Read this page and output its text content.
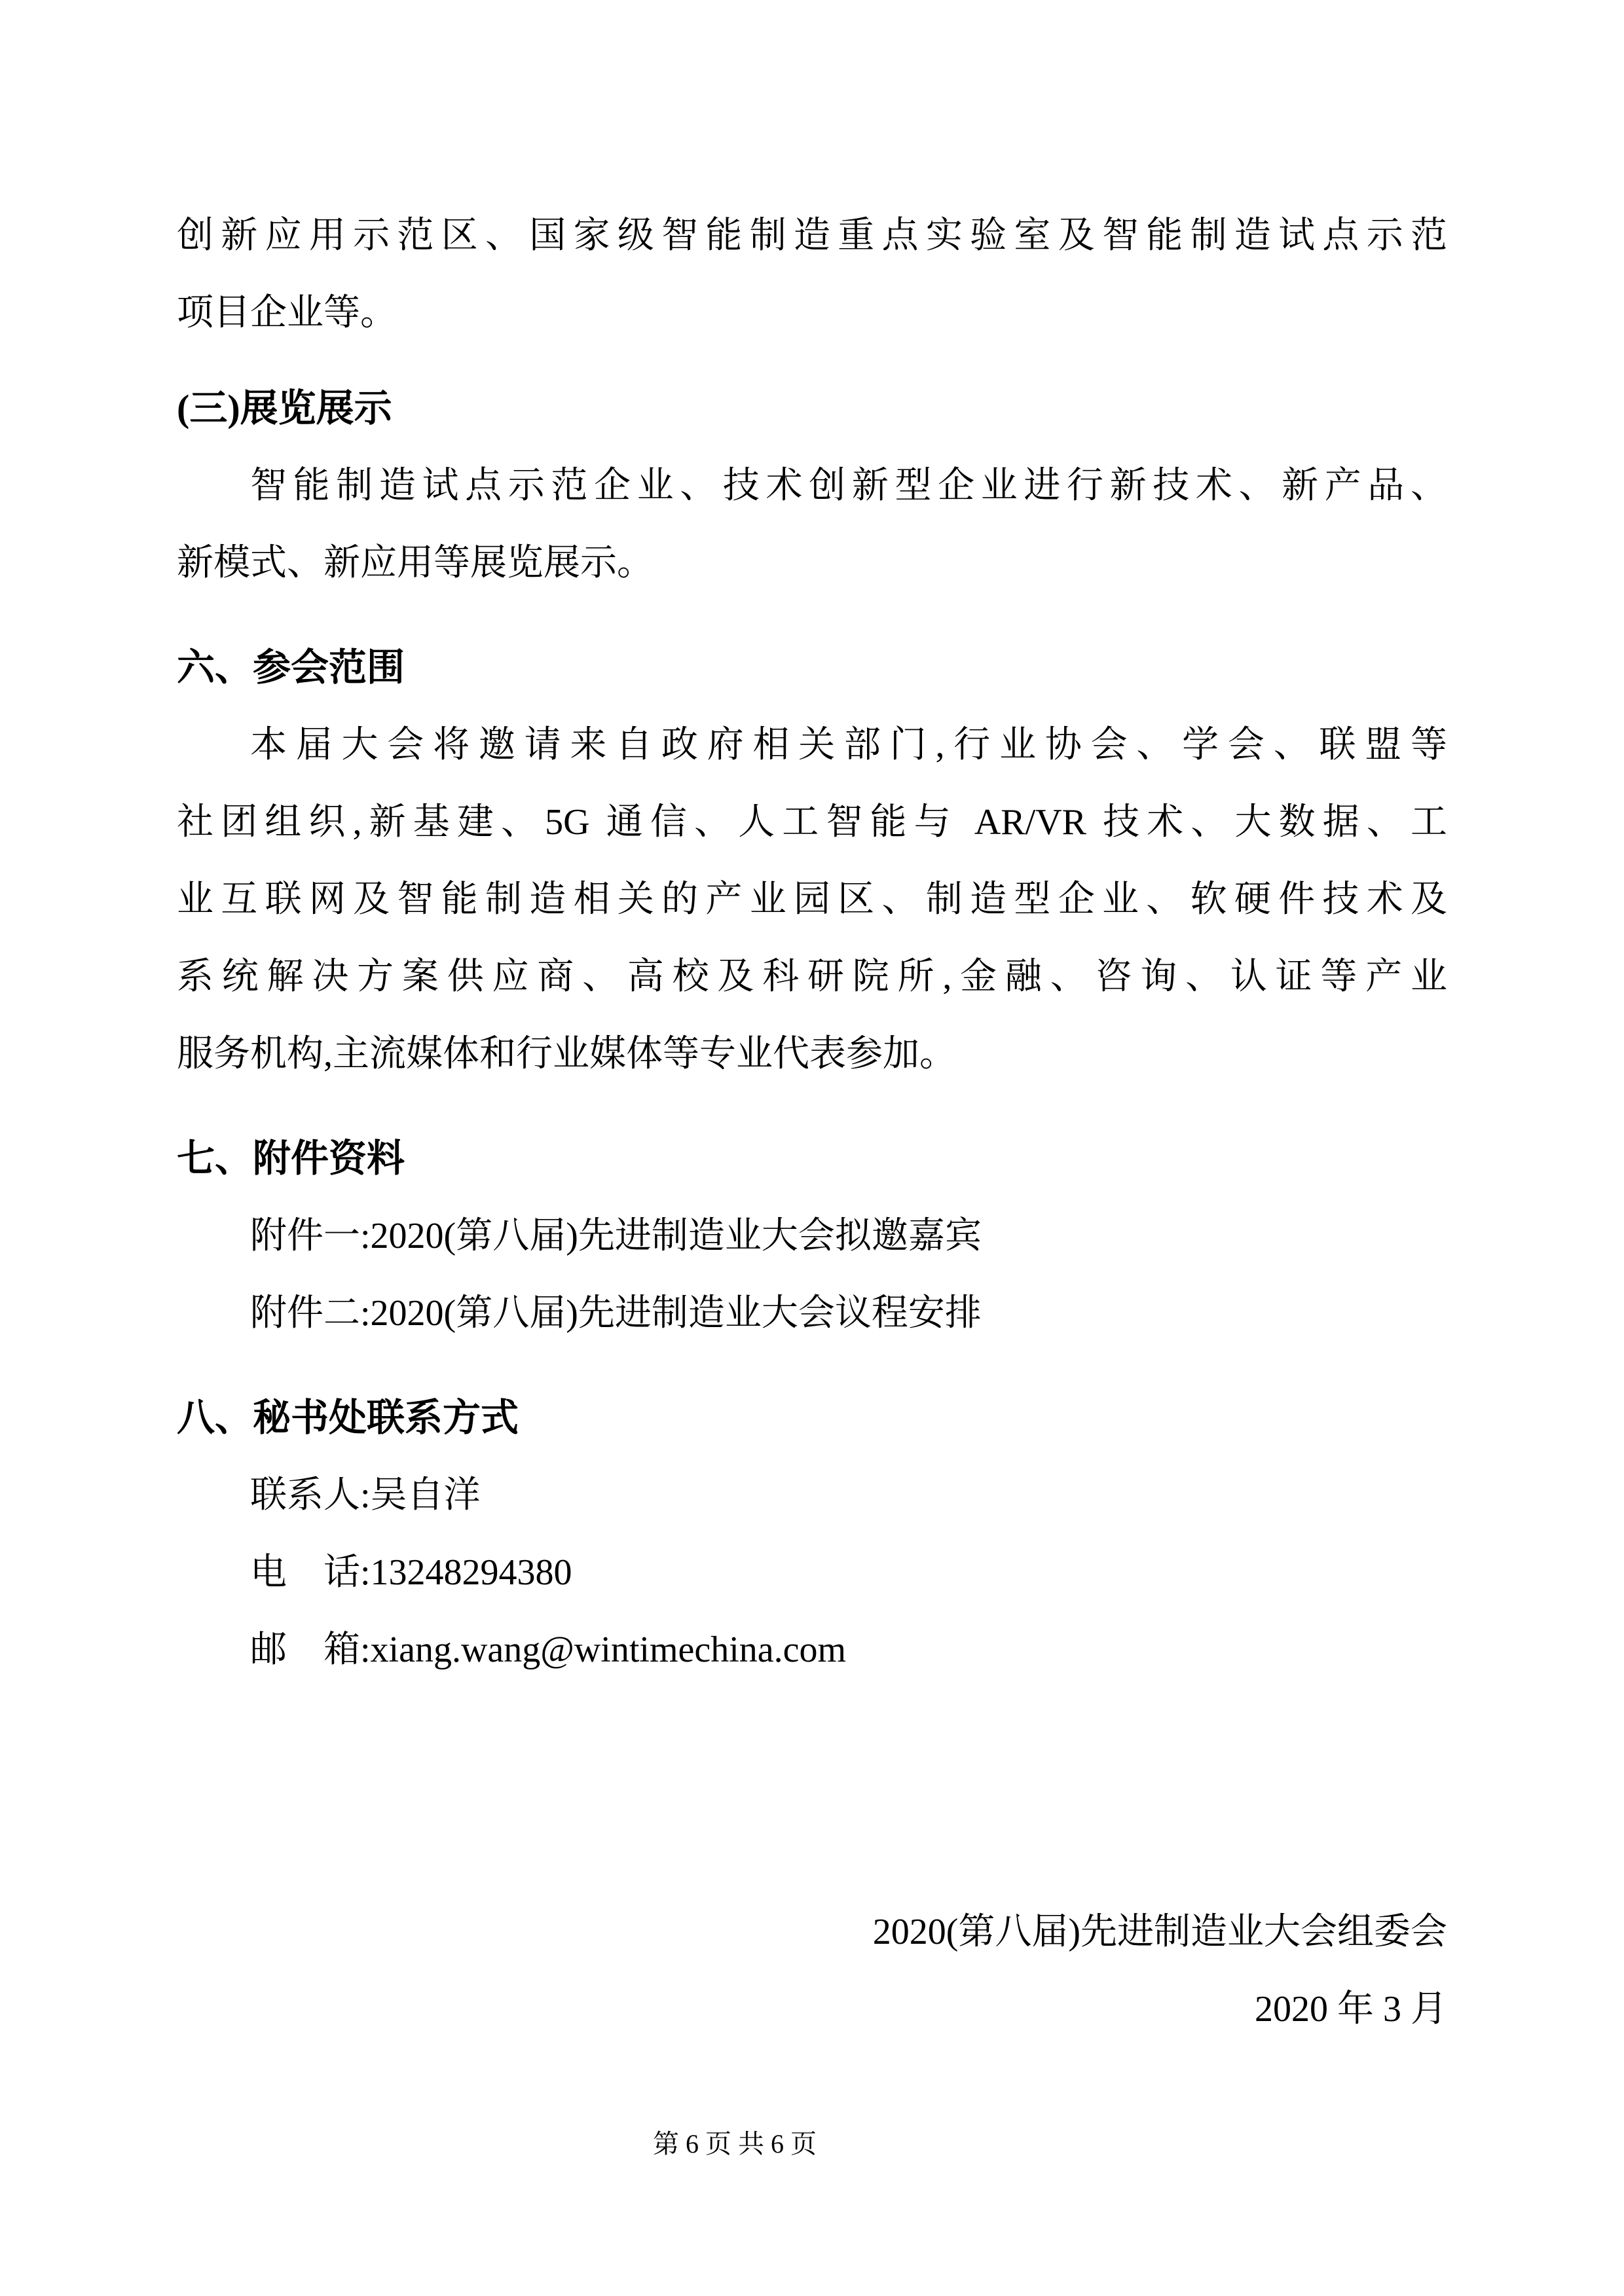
创新应用示范区、国家级智能制造重点实验室及智能制造试点示范
项目企业等。
(三)展览展示
智能制造试点示范企业、技术创新型企业进行新技术、新产品、
新模式、新应用等展览展示。
六、参会范围
本届大会将邀请来自政府相关部门,行业协会、学会、联盟等
社团组织,新基建、5G 通信、人工智能与 AR/VR 技术、大数据、工
业互联网及智能制造相关的产业园区、制造型企业、软硬件技术及
系统解决方案供应商、高校及科研院所,金融、咨询、认证等产业
服务机构,主流媒体和行业媒体等专业代表参加。
七、附件资料
附件一:2020(第八届)先进制造业大会拟邀嘉宾
附件二:2020(第八届)先进制造业大会议程安排
八、秘书处联系方式
联系人:吴自洋
电　话:13248294380
邮　箱:xiang.wang@wintimechina.com
2020(第八届)先进制造业大会组委会
2020 年 3 月
第 6 页 共 6 页
